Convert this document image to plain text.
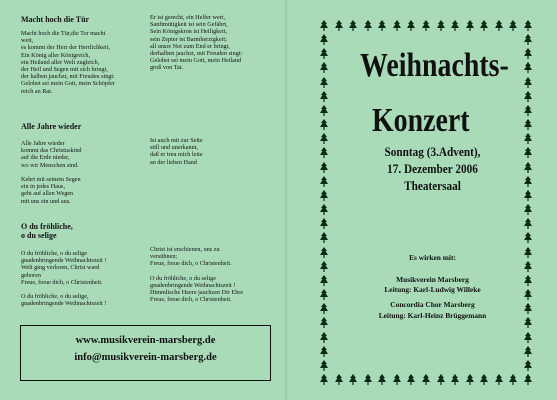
Macht hoch die Tür
Macht hoch die Tür,die Tor macht
weit,
es kommt der Herr der Herrlichkeit,
Ein König aller Königreich,
ein Heiland aller Welt zugleich,
der Heil und Segen mit sich bringt,
der halben jauchzt, mit Freuden singt:
Gelobet sei mein Gott, mein Schöpfer
reich an Rat.
Er ist gerecht, ein Helfer wert,
Sanftmütigkeit ist sein Gefährt,
Sein Königskron ist Heiligkeit,
sein Zepter ist Barmherzigkeit;
all unsre Not zum End er bringt,
derhalben jauchzt, mit Freuden singt:
Gelobet sei mein Gott, mein Heiland
groß von Tat.
Alle Jahre wieder
Alle Jahre wieder
kommt das Christuskind
auf die Erde nieder,
wo wir Menschen sind.

Kehrt mit seinem Segen
ein in jedes Haus,
geht auf allen Wegen
mit uns ein und aus.
Ist auch mit zur Seite
still und unerkannt,
daß er treu mich leite
an der lieben Hand
O du fröhliche,
o du selige
O du fröhliche, o du selige
gnadenbringende Weihnachtszeit !
Welt ging verloren, Christ ward
geboren
Freue, freue dich, o Christenheit.

O du fröhliche, o du selige,
gnadenbringende Weihnachtszeit !
Christ ist erschienen, uns zu
versühnen;
Freue, freue dich, o Christenheit.

O du fröhliche, o du selige
gnadenbringende Weihnachtszeit !
Himmlische Heere jauchzen Dir Ehre
Freue, freue dich, o Christenheit.
www.musikverein-marsberg.de
info@musikverein-marsberg.de
Weihnachts-
Konzert
Sonntag (3.Advent),
17. Dezember 2006
Theatersaal
Es wirken mit:
Musikverein Marsberg
Leitung: Karl-Ludwig Willeke
Concordia Chor Marsberg
Leitung: Karl-Heinz Brüggemann
